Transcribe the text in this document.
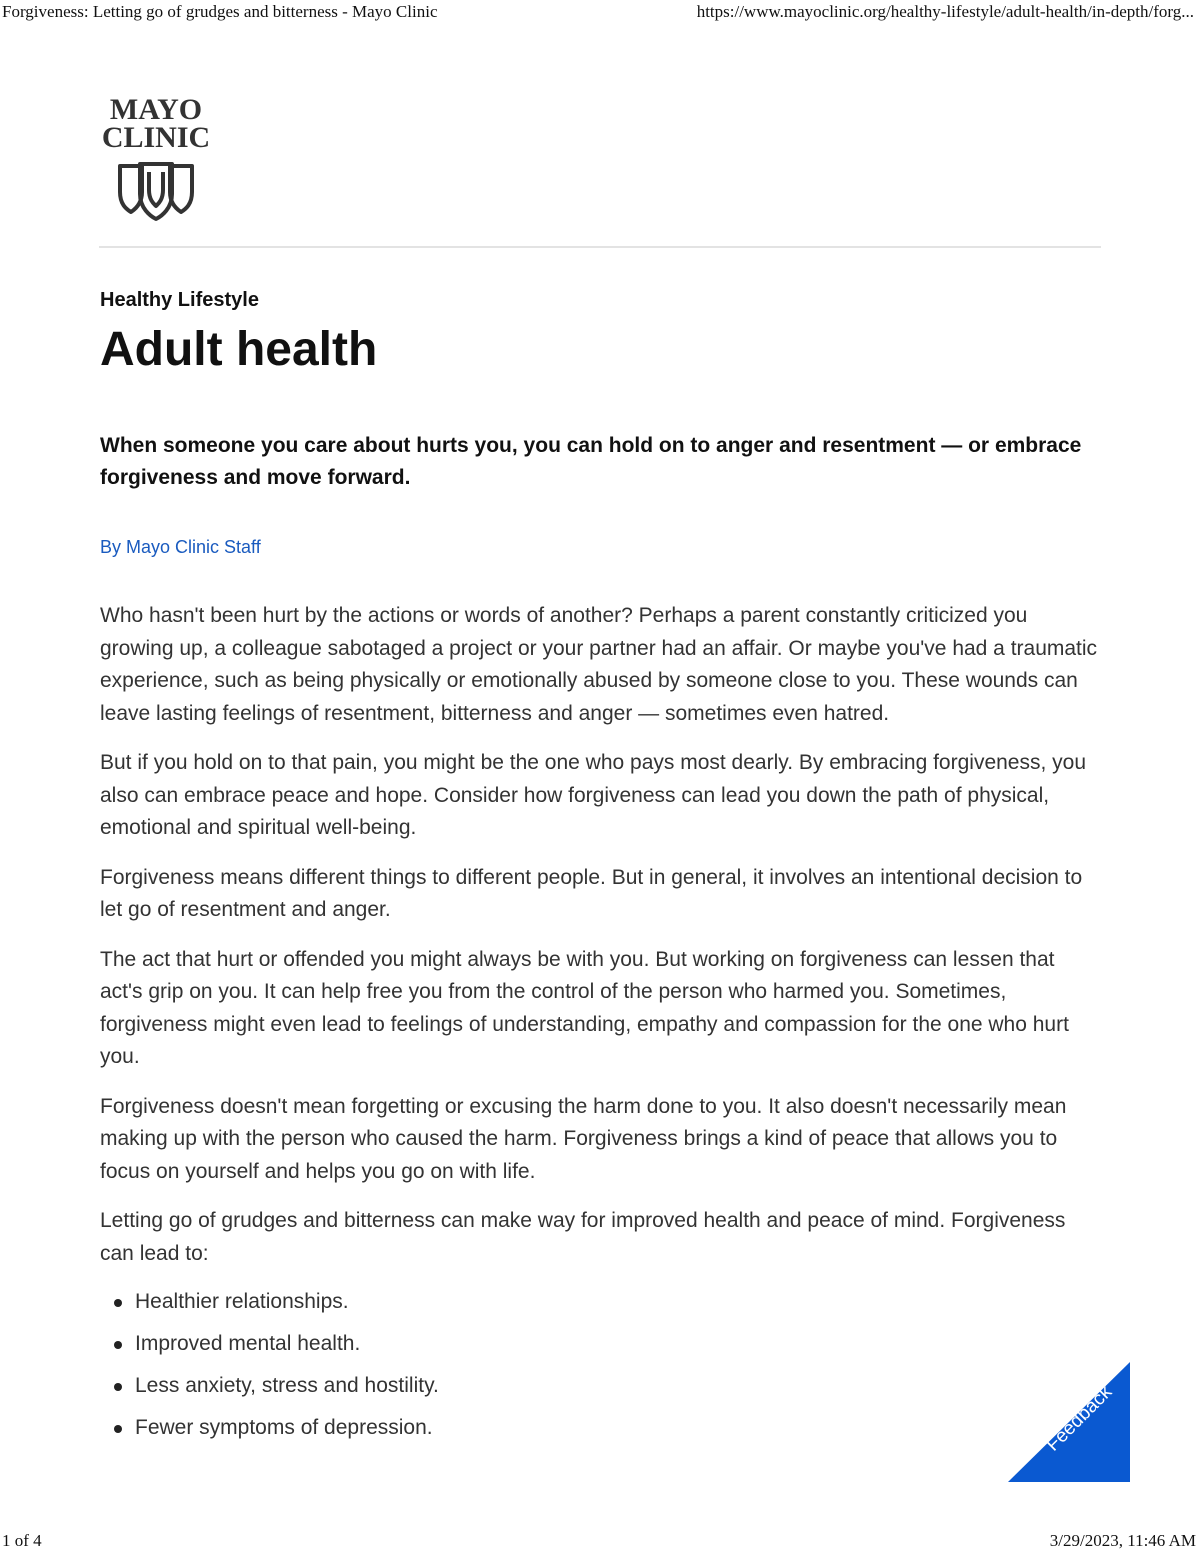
Forgiveness: Letting go of grudges and bitterness - Mayo Clinic	https://www.mayoclinic.org/healthy-lifestyle/adult-health/in-depth/forg...
MAYO
CLINIC

Healthy Lifestyle

Adult health

When someone you care about hurts you, you can hold on to anger and resentment — or embrace forgiveness and move forward.

By Mayo Clinic Staff

Who hasn't been hurt by the actions or words of another? Perhaps a parent constantly criticized you growing up, a colleague sabotaged a project or your partner had an affair. Or maybe you've had a traumatic experience, such as being physically or emotionally abused by someone close to you. These wounds can leave lasting feelings of resentment, bitterness and anger — sometimes even hatred.

But if you hold on to that pain, you might be the one who pays most dearly. By embracing forgiveness, you also can embrace peace and hope. Consider how forgiveness can lead you down the path of physical, emotional and spiritual well-being.

Forgiveness means different things to different people. But in general, it involves an intentional decision to let go of resentment and anger.

The act that hurt or offended you might always be with you. But working on forgiveness can lessen that act's grip on you. It can help free you from the control of the person who harmed you. Sometimes, forgiveness might even lead to feelings of understanding, empathy and compassion for the one who hurt you.

Forgiveness doesn't mean forgetting or excusing the harm done to you. It also doesn't necessarily mean making up with the person who caused the harm. Forgiveness brings a kind of peace that allows you to focus on yourself and helps you go on with life.

Letting go of grudges and bitterness can make way for improved health and peace of mind. Forgiveness can lead to:

Healthier relationships.
Improved mental health.
Less anxiety, stress and hostility.
Fewer symptoms of depression.	Feedback
1 of 4	3/29/2023, 11:46 AM
